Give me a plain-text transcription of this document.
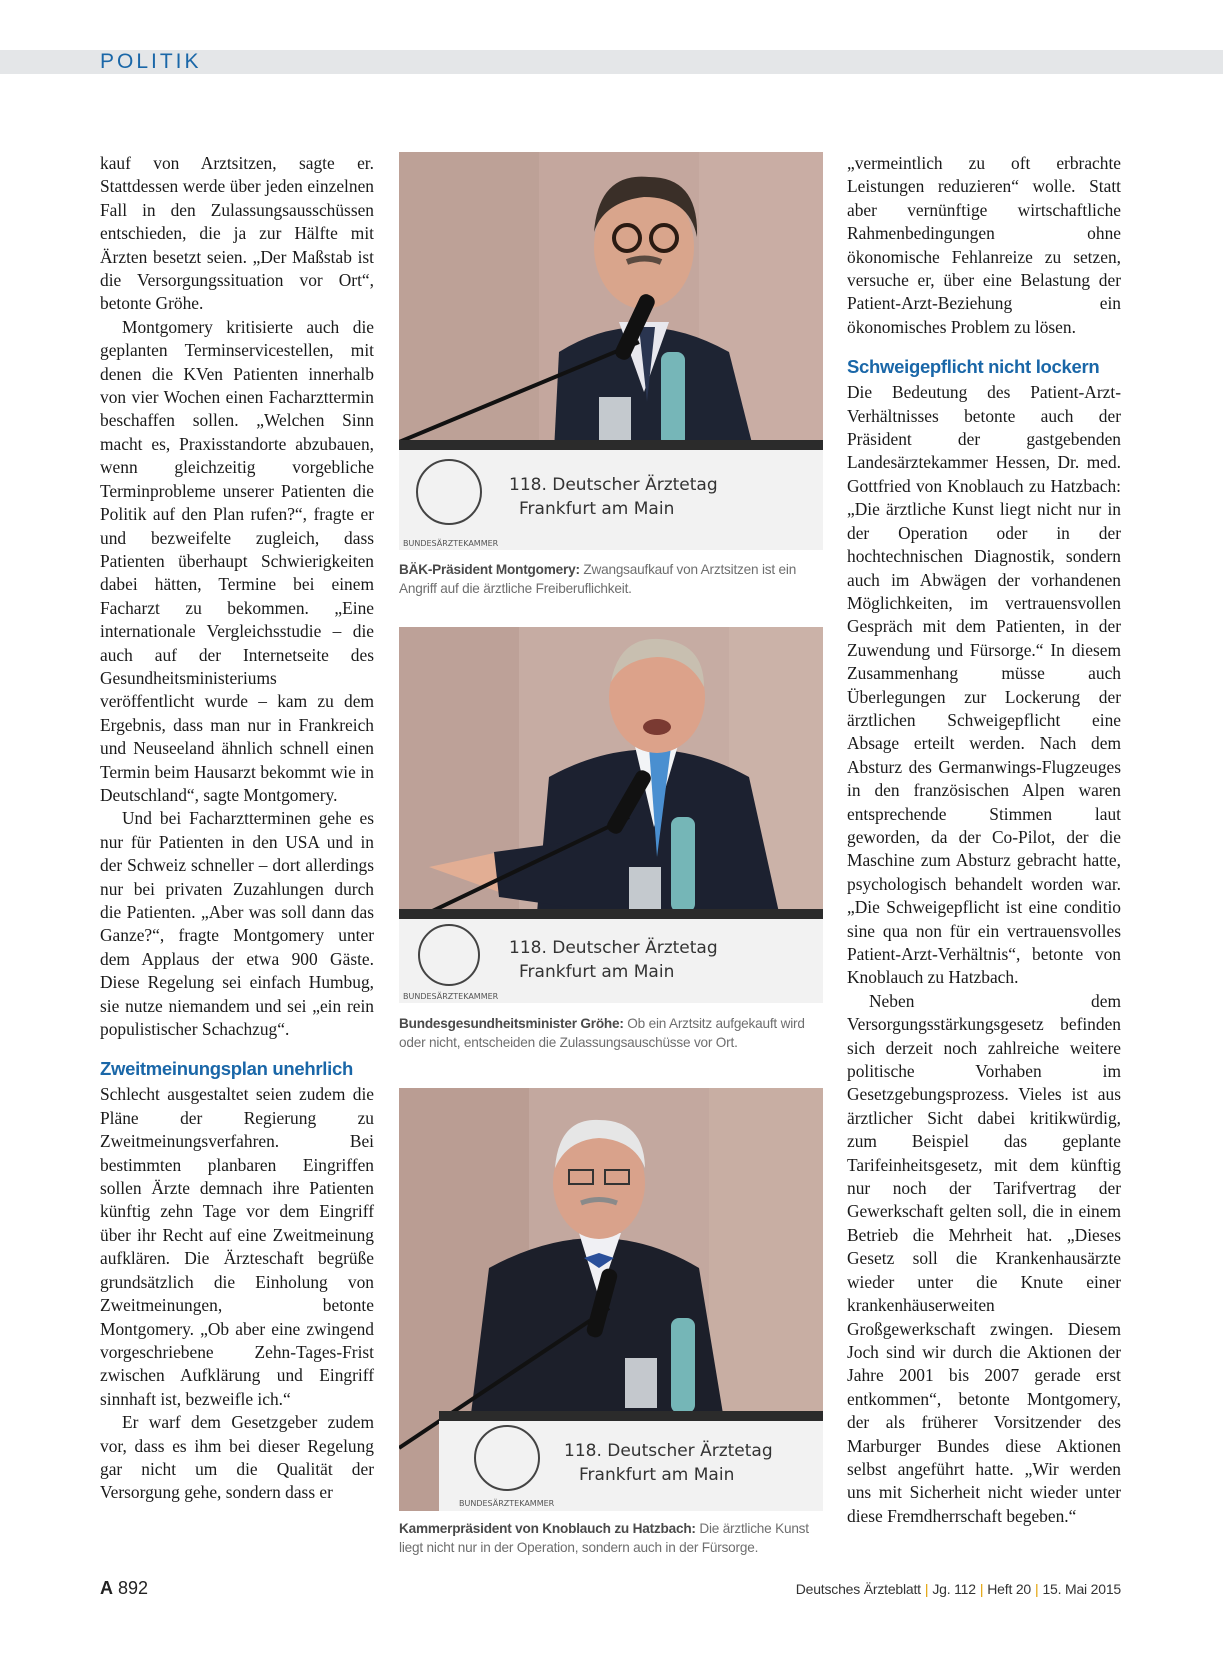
POLITIK

kauf von Arztsitzen, sagte er. Stattdessen werde über jeden einzelnen Fall in den Zulassungsausschüssen entschieden, die ja zur Hälfte mit Ärzten besetzt seien. „Der Maßstab ist die Versorgungssituation vor Ort“, betonte Gröhe.

Montgomery kritisierte auch die geplanten Terminservicestellen, mit denen die KVen Patienten innerhalb von vier Wochen einen Facharzttermin beschaffen sollen. „Welchen Sinn macht es, Praxisstandorte abzubauen, wenn gleichzeitig vorgebliche Terminprobleme unserer Patienten die Politik auf den Plan rufen?“, fragte er und bezweifelte zugleich, dass Patienten überhaupt Schwierigkeiten dabei hätten, Termine bei einem Facharzt zu bekommen. „Eine internationale Vergleichsstudie – die auch auf der Internetseite des Gesundheitsministeriums veröffentlicht wurde – kam zu dem Ergebnis, dass man nur in Frankreich und Neuseeland ähnlich schnell einen Termin beim Hausarzt bekommt wie in Deutschland“, sagte Montgomery.

Und bei Facharztterminen gehe es nur für Patienten in den USA und in der Schweiz schneller – dort allerdings nur bei privaten Zuzahlungen durch die Patienten. „Aber was soll dann das Ganze?“, fragte Montgomery unter dem Applaus der etwa 900 Gäste. Diese Regelung sei einfach Humbug, sie nutze niemandem und sei „ein rein populistischer Schachzug“.

Zweitmeinungsplan unehrlich

Schlecht ausgestaltet seien zudem die Pläne der Regierung zu Zweitmeinungsverfahren. Bei bestimmten planbaren Eingriffen sollen Ärzte demnach ihre Patienten künftig zehn Tage vor dem Eingriff über ihr Recht auf eine Zweitmeinung aufklären. Die Ärzteschaft begrüße grundsätzlich die Einholung von Zweitmeinungen, betonte Montgomery. „Ob aber eine zwingend vorgeschriebene Zehn-Tages-Frist zwischen Aufklärung und Eingriff sinnhaft ist, bezweifle ich.“

Er warf dem Gesetzgeber zudem vor, dass es ihm bei dieser Regelung gar nicht um die Qualität der Versorgung gehe, sondern dass er

118. Deutscher Ärztetag
Frankfurt am Main
BUNDESÄRZTEKAMMER
BÄK-Präsident Montgomery: Zwangsaufkauf von Arztsitzen ist ein Angriff auf die ärztliche Freiberuflichkeit.
118. Deutscher Ärztetag
Frankfurt am Main
BUNDESÄRZTEKAMMER
Bundesgesundheitsminister Gröhe: Ob ein Arztsitz aufgekauft wird oder nicht, entscheiden die Zulassungsauschüsse vor Ort.
118. Deutscher Ärztetag
Frankfurt am Main
BUNDESÄRZTEKAMMER
Kammerpräsident von Knoblauch zu Hatzbach: Die ärztliche Kunst liegt nicht nur in der Operation, sondern auch in der Fürsorge.

„vermeintlich zu oft erbrachte Leistungen reduzieren“ wolle. Statt aber vernünftige wirtschaftliche Rahmenbedingungen ohne ökonomische Fehlanreize zu setzen, versuche er, über eine Belastung der Patient-Arzt-Beziehung ein ökonomisches Problem zu lösen.

Schweigepflicht nicht lockern

Die Bedeutung des Patient-Arzt-Verhältnisses betonte auch der Präsident der gastgebenden Landesärztekammer Hessen, Dr. med. Gottfried von Knoblauch zu Hatzbach: „Die ärztliche Kunst liegt nicht nur in der Operation oder in der hochtechnischen Diagnostik, sondern auch im Abwägen der vorhandenen Möglichkeiten, im vertrauensvollen Gespräch mit dem Patienten, in der Zuwendung und Fürsorge.“ In diesem Zusammenhang müsse auch Überlegungen zur Lockerung der ärztlichen Schweigepflicht eine Absage erteilt werden. Nach dem Absturz des Germanwings-Flugzeuges in den französischen Alpen waren entsprechende Stimmen laut geworden, da der Co-Pilot, der die Maschine zum Absturz gebracht hatte, psychologisch behandelt worden war. „Die Schweigepflicht ist eine conditio sine qua non für ein vertrauensvolles Patient-Arzt-Verhältnis“, betonte von Knoblauch zu Hatzbach.

Neben dem Versorgungsstärkungsgesetz befinden sich derzeit noch zahlreiche weitere politische Vorhaben im Gesetzgebungsprozess. Vieles ist aus ärztlicher Sicht dabei kritikwürdig, zum Beispiel das geplante Tarifeinheitsgesetz, mit dem künftig nur noch der Tarifvertrag der Gewerkschaft gelten soll, die in einem Betrieb die Mehrheit hat. „Dieses Gesetz soll die Krankenhausärzte wieder unter die Knute einer krankenhäuserweiten Großgewerkschaft zwingen. Diesem Joch sind wir durch die Aktionen der Jahre 2001 bis 2007 gerade erst entkommen“, betonte Montgomery, der als früherer Vorsitzender des Marburger Bundes diese Aktionen selbst angeführt hatte. „Wir werden uns mit Sicherheit nicht wieder unter diese Fremdherrschaft begeben.“

A 892	Deutsches Ärzteblatt | Jg. 112 | Heft 20 | 15. Mai 2015
